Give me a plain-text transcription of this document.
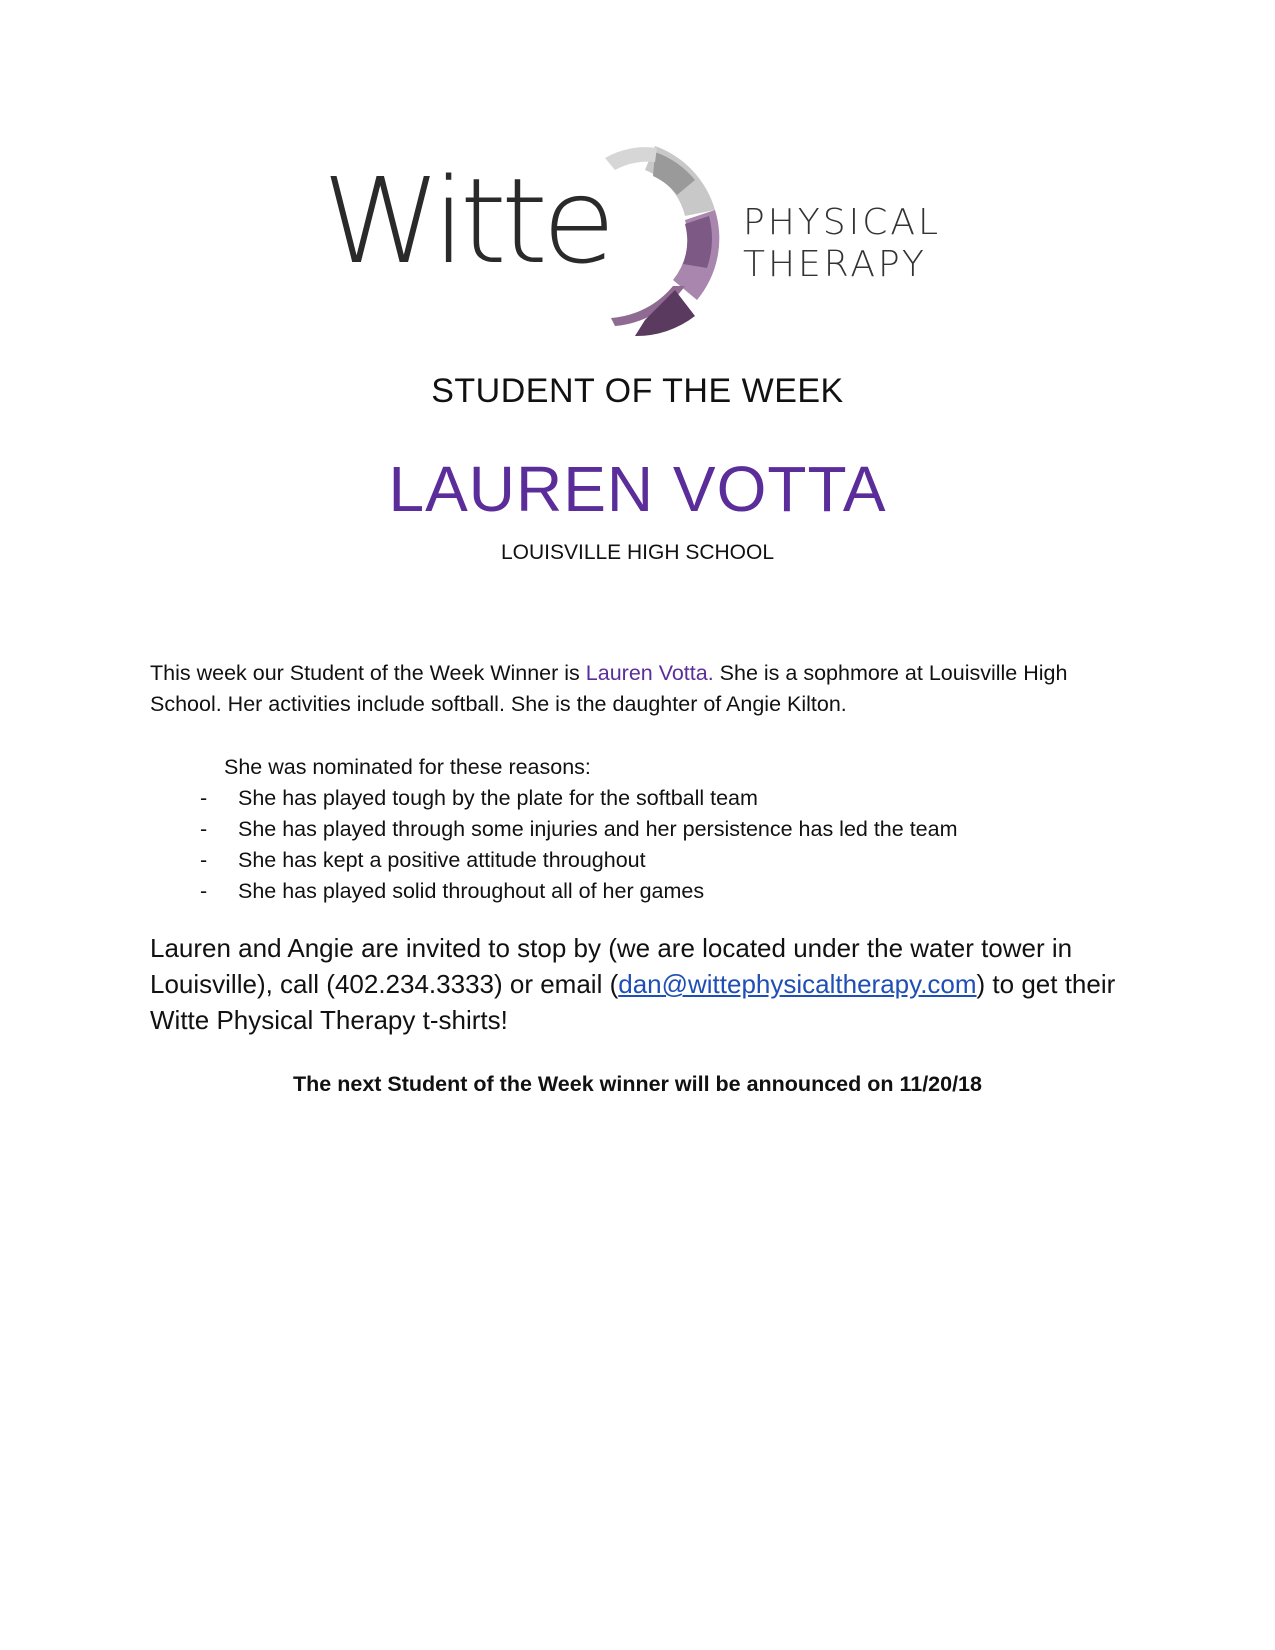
Witte	PHYSICAL
THERAPY
STUDENT OF THE WEEK
LAUREN VOTTA
LOUISVILLE HIGH SCHOOL
This week our Student of the Week Winner is Lauren Votta. She is a sophmore at Louisville High School. Her activities include softball. She is the daughter of Angie Kilton.
She was nominated for these reasons:
- She has played tough by the plate for the softball team
- She has played through some injuries and her persistence has led the team
- She has kept a positive attitude throughout
- She has played solid throughout all of her games
Lauren and Angie are invited to stop by (we are located under the water tower in Louisville), call (402.234.3333) or email (dan@wittephysicaltherapy.com) to get their Witte Physical Therapy t-shirts!
The next Student of the Week winner will be announced on 11/20/18
